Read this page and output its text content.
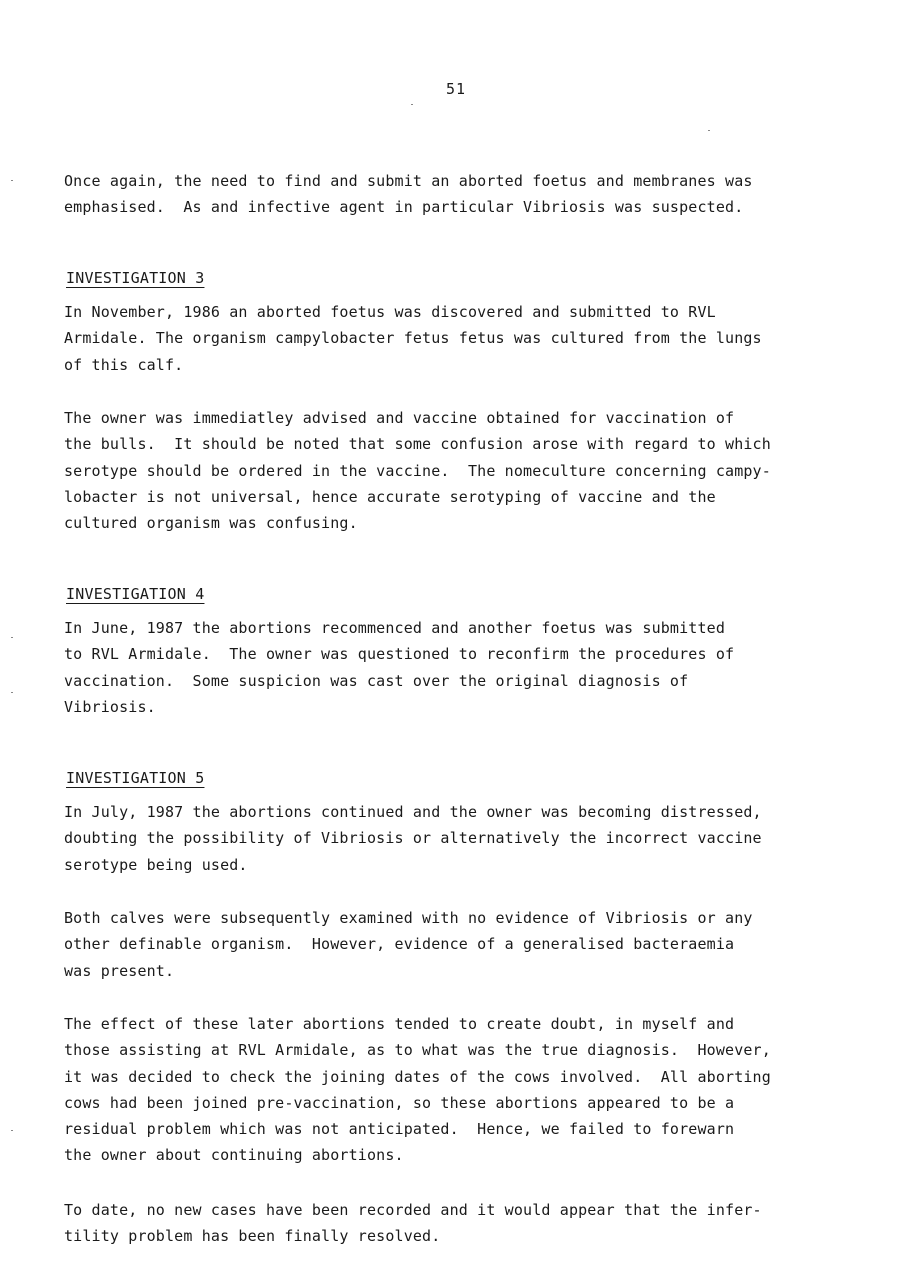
51
Once again, the need to find and submit an aborted foetus and membranes was
emphasised.  As and infective agent in particular Vibriosis was suspected.
INVESTIGATION 3
In November, 1986 an aborted foetus was discovered and submitted to RVL
Armidale. The organism campylobacter fetus fetus was cultured from the lungs
of this calf.
The owner was immediatley advised and vaccine obtained for vaccination of
the bulls.  It should be noted that some confusion arose with regard to which
serotype should be ordered in the vaccine.  The nomeculture concerning campy-
lobacter is not universal, hence accurate serotyping of vaccine and the
cultured organism was confusing.
INVESTIGATION 4
In June, 1987 the abortions recommenced and another foetus was submitted
to RVL Armidale.  The owner was questioned to reconfirm the procedures of
vaccination.  Some suspicion was cast over the original diagnosis of
Vibriosis.
INVESTIGATION 5
In July, 1987 the abortions continued and the owner was becoming distressed,
doubting the possibility of Vibriosis or alternatively the incorrect vaccine
serotype being used.
Both calves were subsequently examined with no evidence of Vibriosis or any
other definable organism.  However, evidence of a generalised bacteraemia
was present.
The effect of these later abortions tended to create doubt, in myself and
those assisting at RVL Armidale, as to what was the true diagnosis.  However,
it was decided to check the joining dates of the cows involved.  All aborting
cows had been joined pre-vaccination, so these abortions appeared to be a
residual problem which was not anticipated.  Hence, we failed to forewarn
the owner about continuing abortions.
To date, no new cases have been recorded and it would appear that the infer-
tility problem has been finally resolved.
